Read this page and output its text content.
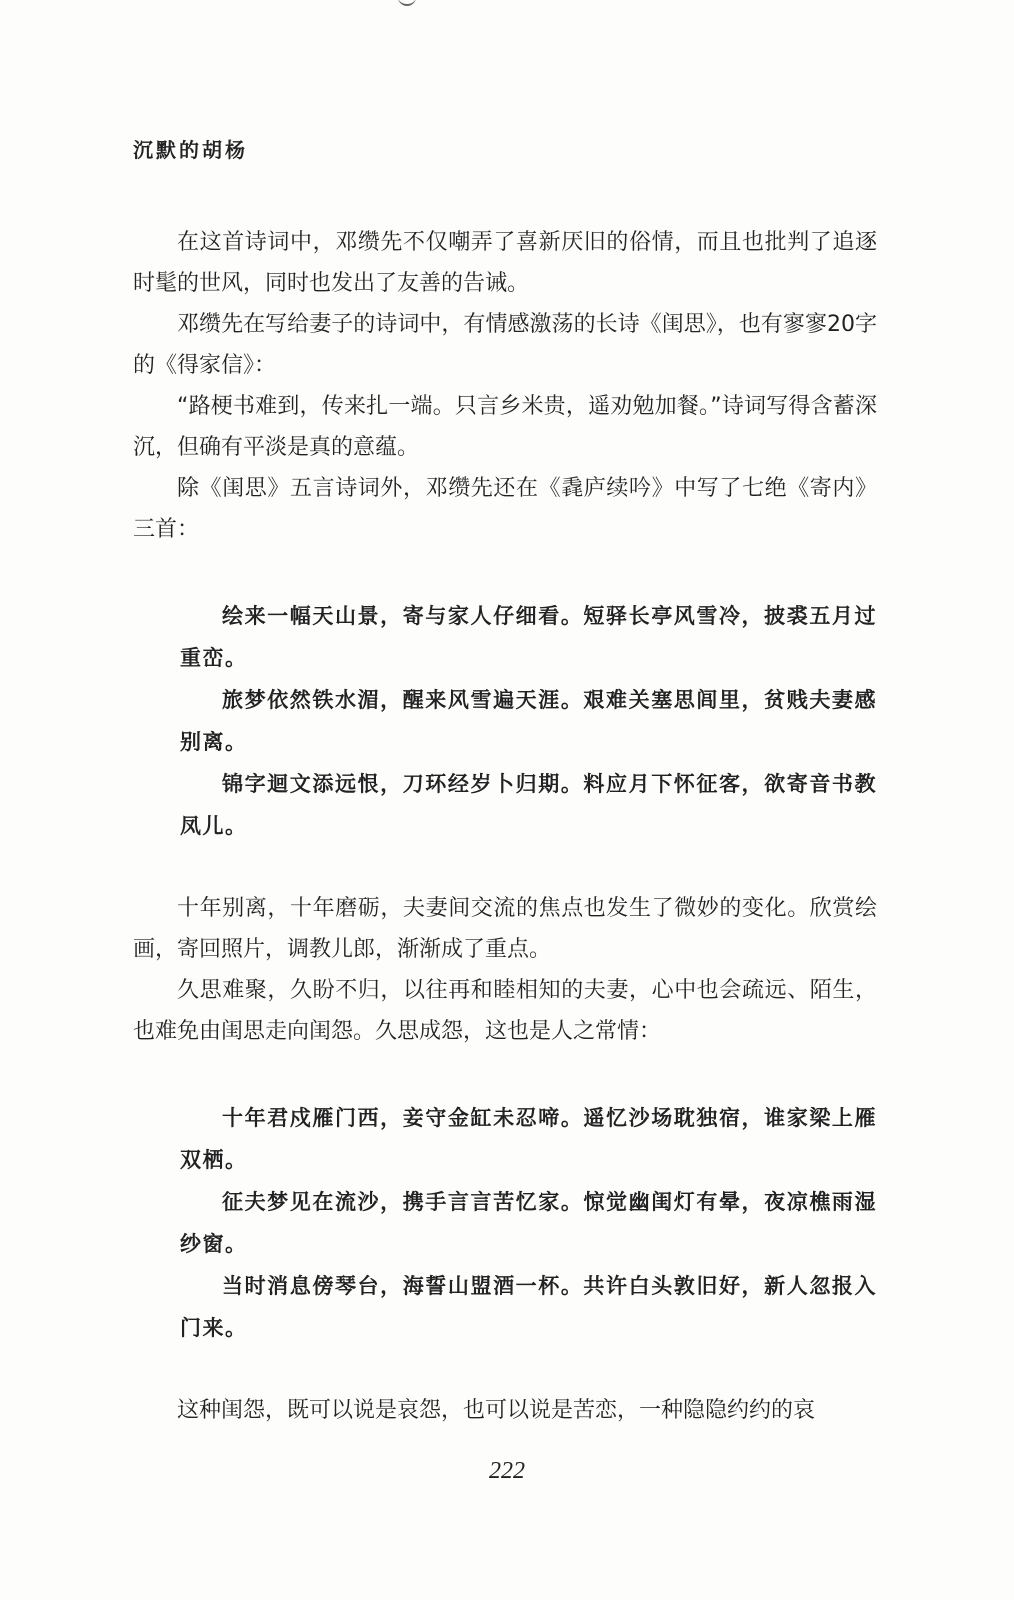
沉默的胡杨

在这首诗词中，邓缵先不仅嘲弄了喜新厌旧的俗情，而且也批判了追逐时髦的世风，同时也发出了友善的告诫。

邓缵先在写给妻子的诗词中，有情感激荡的长诗《闺思》，也有寥寥20字的《得家信》：

“路梗书难到，传来扎一端。只言乡米贵，遥劝勉加餐。”诗词写得含蓄深沉，但确有平淡是真的意蕴。

除《闺思》五言诗词外，邓缵先还在《毳庐续吟》中写了七绝《寄内》三首：

绘来一幅天山景，寄与家人仔细看。短驿长亭风雪冷，披裘五月过重峦。

旅梦依然铁水湄，醒来风雪遍天涯。艰难关塞思闾里，贫贱夫妻感别离。

锦字迴文添远恨，刀环经岁卜归期。料应月下怀征客，欲寄音书教凤儿。

十年别离，十年磨砺，夫妻间交流的焦点也发生了微妙的变化。欣赏绘画，寄回照片，调教儿郎，渐渐成了重点。

久思难聚，久盼不归，以往再和睦相知的夫妻，心中也会疏远、陌生，也难免由闺思走向闺怨。久思成怨，这也是人之常情：

十年君戍雁门西，妾守金缸未忍啼。遥忆沙场耽独宿，谁家梁上雁双栖。

征夫梦见在流沙，携手言言苦忆家。惊觉幽闺灯有晕，夜凉樵雨湿纱窗。

当时消息傍琴台，海誓山盟酒一杯。共许白头敦旧好，新人忽报入门来。

这种闺怨，既可以说是哀怨，也可以说是苦恋，一种隐隐约约的哀

222
